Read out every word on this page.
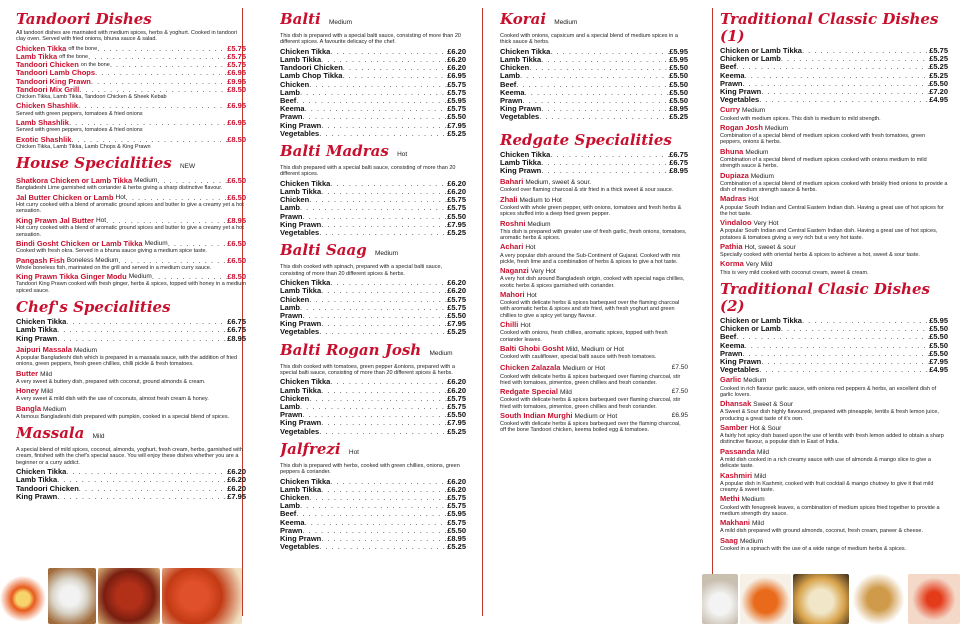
Tandoori Dishes
All tandoori dishes are marinated with medium spices, herbs & yoghurt. Cooked in tandoori clay oven. Served with fried onions, bhuna sauce & salad.
Chicken Tikka off the bone . . .	£5.75
Lamb Tikka off the bone . . .	£5.75
Tandoori Chicken on the bone . . .	£5.75
Tandoori Lamb Chops . . .	£6.95
Tandoori King Prawn . . .	£9.95
Tandoori Mix Grill . . .	£8.50
Chicken Tikka, Lamb Tikka, Tandoori Chicken & Sheek Kebab
Chicken Shashlik . . .	£6.95
Served with green peppers, tomatoes & fried onions
Lamb Shashlik . . .	£6.95
Served with green peppers, tomatoes & fried onions
Exotic Shashlik . . .	£8.50
Chicken Tikka, Lamb Tikka, Lamb Chops & King Prawn
House Specialities NEW
Shatkora Chicken or Lamb Tikka Medium . . .	£6.50
Bangladeshi Lime garnished with coriander & herbs giving a sharp distinctive flavour.
Jal Butter Chicken or Lamb Hot . . .	£6.50
Hot curry cooked with a blend of aromatic ground spices and butter to give a creamy yet a hot sensation.
King Prawn Jal Butter Hot . . .	£8.95
Hot curry cooked with a blend of aromatic ground spices and butter to give a creamy yet a hot sensation.
Bindi Gosht Chicken or Lamb Tikka Medium . . .	£6.50
Cooked with fresh okra. Served in a bhuna sauce giving a medium spice taste.
Pangash Fish Boneless Medium . . .	£6.50
Whole boneless fish, marinated on the grill and served in a medium curry sauce.
King Prawn Tikka Ginger Modu Medium . . .	£8.50
Tandoori King Prawn cooked with fresh ginger, herbs & spices, topped with honey in a medium spiced sauce.
Chef's Specialities
Chicken Tikka . . .	£6.75
Lamb Tikka . . .	£6.75
King Prawn . . .	£8.95
Jaipuri Massala Medium
A popular Bangladeshi dish which is prepared in a massala sauce, with the addition of fried onions, green peppers, fresh green chillies, chilli pickle & fresh tomatoes.
Butter Mild
A very sweet & buttery dish, prepared with coconut, ground almonds & cream.
Honey Mild
A very sweet & mild dish with the use of coconuts, almost fresh cream & honey.
Bangla Medium
A famous Bangladeshi dish prepared with pumpkin, cooked in a special blend of spices.
Massala Mild
A special blend of mild spices, coconut, almonds, yoghurt, fresh cream, herbs, garnished with cream, finished with the chef's special sauce. You will enjoy these dishes whether you are a beginner or a curry addict.
Chicken Tikka . . .	£6.20
Lamb Tikka . . .	£6.20
Tandoori Chicken . . .	£6.20
King Prawn . . .	£7.95
Balti Medium
This dish is prepared with a special balti sauce, consisting of more than 20 different spices. A favourite delicacy of the chef.
Chicken Tikka . . .	£6.20
Lamb Tikka . . .	£6.20
Tandoori Chicken . . .	£6.20
Lamb Chop Tikka . . .	£6.95
Chicken . . .	£5.75
Lamb . . .	£5.75
Beef . . .	£5.95
Keema . . .	£5.75
Prawn . . .	£5.50
King Prawn . . .	£7.95
Vegetables . . .	£5.25
Balti Madras Hot
This dish prepared with a special balti sauce, consisting of more than 20 different spices.
Chicken Tikka . . .	£6.20
Lamb Tikka . . .	£6.20
Chicken . . .	£5.75
Lamb . . .	£5.75
Prawn . . .	£5.50
King Prawn . . .	£7.95
Vegetables . . .	£5.25
Balti Saag Medium
This dish cooked with spinach, prepared with a special balti sauce, consisting of more than 20 different spices & herbs.
Chicken Tikka . . .	£6.20
Lamb Tikka . . .	£6.20
Chicken . . .	£5.75
Lamb . . .	£5.75
Prawn . . .	£5.50
King Prawn . . .	£7.95
Vegetables . . .	£5.25
Balti Rogan Josh Medium
This dish cooked with tomatoes, green pepper &onions, prepared with a special balti sauce, consisting of more than 20 different spices & herbs.
Chicken Tikka . . .	£6.20
Lamb Tikka . . .	£6.20
Chicken . . .	£5.75
Lamb . . .	£5.75
Prawn . . .	£5.50
King Prawn . . .	£7.95
Vegetables . . .	£5.25
Jalfrezi Hot
This dish is prepared with herbs, cooked with green chillies, onions, green peppers & coriander.
Chicken Tikka . . .	£6.20
Lamb Tikka . . .	£6.20
Chicken . . .	£5.75
Lamb . . .	£5.75
Beef . . .	£5.95
Keema . . .	£5.75
Prawn . . .	£5.50
King Prawn . . .	£8.95
Vegetables . . .	£5.25
Korai Medium
Cooked with onions, capsicum and a special blend of medium spices in a thick sauce & herbs.
Chicken Tikka . . .	£5.95
Lamb Tikka . . .	£5.95
Chicken . . .	£5.50
Lamb . . .	£5.50
Beef . . .	£5.50
Keema . . .	£5.50
Prawn . . .	£5.50
King Prawn . . .	£8.95
Vegetables . . .	£5.25
Redgate Specialities
Chicken Tikka . . .	£6.75
Lamb Tikka . . .	£6.75
King Prawn . . .	£8.95
Bahari Medium, sweet & sour.
Cooked over flaming charcoal & stir fried in a thick sweet & sour sauce.
Zhali Medium to Hot
Cooked with whole green pepper, with onions, tomatoes and fresh herbs & spices stuffed into a deep fried green pepper.
Roshni Medium
This dish is prepared with greater use of fresh garlic, fresh onions, tomatoes, aromatic herbs & spices.
Achari Hot
A very popular dish around the Sub-Continent of Gujarat. Cooked with mix pickle, fresh lime and a combination of herbs & spices to give a hot taste.
Naganzi Very Hot
A very hot dish around Bangladesh origin, cooked with special naga chillies, exotic herbs & spices garnished with coriander.
Mahori Hot
Cooked with delicate herbs & spices barbequed over the flaming charcoal with aromatic herbs & spices and stir fried, with fresh yoghurt and green chillies to give a spicy yet tangy flavour.
Chilli Hot
Cooked with onions, fresh chillies, aromatic spices, topped with fresh coriander leaves.
Balti Ghobi Gosht Mild, Medium or Hot
Cooked with cauliflower, special balti sauce with fresh tomatoes.
Chicken Zalazala Medium or Hot	£7.50
Cooked with delicate herbs & spices barbequed over flaming charcoal, stir fried with tomatoes, pimentos, green chillies and fresh coriander.
Redgate Special Mild	£7.50
Cooked with delicate herbs & spices barbequed over flaming charcoal, stir fried with tomatoes, pimentos, green chillies and fresh coriander.
South Indian Murghi Medium or Hot	£6.95
Cooked with delicate herbs & spices barbequed over the flaming charcoal, off the bone Tandoori chicken, keema boiled egg & tomatoes.
Traditional Classic Dishes (1)
Chicken or Lamb Tikka . . .	£5.75
Chicken or Lamb . . .	£5.25
Beef . . .	£5.25
Keema . . .	£5.25
Prawn . . .	£5.50
King Prawn . . .	£7.20
Vegetables . . .	£4.95
Curry Medium
Cooked with medium spices. This dish is medium to mild strength.
Rogan Josh Medium
Combination of a special blend of medium spices cooked with fresh tomatoes, green peppers, onions & herbs.
Bhuna Medium
Combination of a special blend of medium spices cooked with onions medium to mild strength sauce & herbs.
Dupiaza Medium
Combination of a special blend of medium spices cooked with briskly fried onions to provide a dish of medium strength sauce & herbs.
Madras Hot
A popular South Indian and Central Eastern Indian dish. Having a great use of hot spices for the hot taste.
Vindaloo Very Hot
A popular South Indian and Central Eastern Indian dish. Having a great use of hot spices, potatoes & tomatoes giving a very rich but a very hot taste.
Pathia Hot, sweet & sour
Specially cooked with oriental herbs & spices to achieve a hot, sweet & sour taste.
Korma Very Mild
This is very mild cooked with coconut cream, sweet & cream.
Traditional Clasic Dishes (2)
Chicken or Lamb Tikka . . .	£5.95
Chicken or Lamb . . .	£5.50
Beef . . .	£5.50
Keema . . .	£5.50
Prawn . . .	£5.50
King Prawn . . .	£7.95
Vegetables . . .	£4.95
Garlic Medium
Cooked in rich flavour garlic sauce, with onions red peppers & herbs, an excellent dish of garlic lovers.
Dhansak Sweet & Sour
A Sweet & Sour dish highly flavoured, prepared with pineapple, lentils & fresh lemon juice, producing a great taste of it's own.
Samber Hot & Sour
A fairly hot spicy dish based upon the use of lentils with fresh lemon added to obtain a sharp distinctive flavour, a popular dish in East of India.
Passanda Mild
A mild dish cooked in a rich creamy sauce with use of almonds & mango slice to give a delicate taste.
Kashmiri Mild
A popular dish in Kashmir, cooked with fruit cocktail & mango chutney to give it that mild creamy & sweet taste.
Methi Medium
Cooked with fenugreek leaves, a combination of medium spices fried together to provide a medium strength dry sauce.
Makhani Mild
A mild dish prepared with ground almonds, coconut, fresh cream, paneer & cheese.
Saag Medium
Cooked in a spinach with the use of a wide range of medium herbs & spices.
